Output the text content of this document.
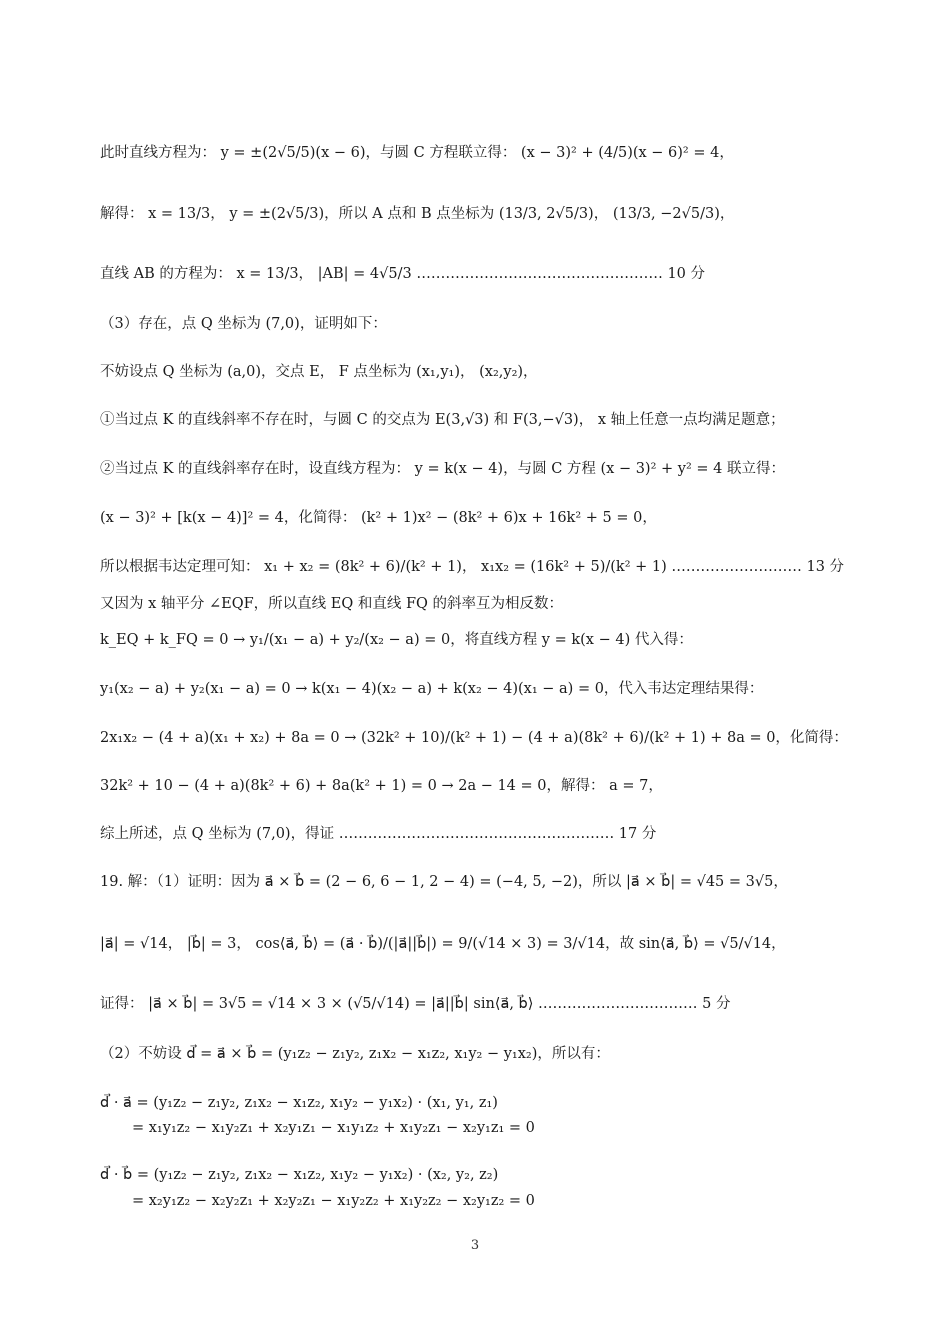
此时直线方程为： y = ±(2√5/5)(x − 6)，与圆 C 方程联立得： (x − 3)² + (4/5)(x − 6)² = 4，
解得： x = 13/3， y = ±(2√5/3)，所以 A 点和 B 点坐标为 (13/3, 2√5/3)， (13/3, −2√5/3)，
直线 AB 的方程为： x = 13/3， |AB| = 4√5/3 …………………………………………… 10 分
（3）存在，点 Q 坐标为 (7,0)，证明如下：
不妨设点 Q 坐标为 (a,0)，交点 E， F 点坐标为 (x₁,y₁)， (x₂,y₂)，
①当过点 K 的直线斜率不存在时，与圆 C 的交点为 E(3,√3) 和 F(3,−√3)， x 轴上任意一点均满足题意；
②当过点 K 的直线斜率存在时，设直线方程为： y = k(x − 4)，与圆 C 方程 (x − 3)² + y² = 4 联立得：
(x − 3)² + [k(x − 4)]² = 4，化简得： (k² + 1)x² − (8k² + 6)x + 16k² + 5 = 0，
所以根据韦达定理可知： x₁ + x₂ = (8k² + 6)/(k² + 1)， x₁x₂ = (16k² + 5)/(k² + 1) ……………………… 13 分
又因为 x 轴平分 ∠EQF，所以直线 EQ 和直线 FQ 的斜率互为相反数：
k_EQ + k_FQ = 0 → y₁/(x₁ − a) + y₂/(x₂ − a) = 0，将直线方程 y = k(x − 4) 代入得：
y₁(x₂ − a) + y₂(x₁ − a) = 0 → k(x₁ − 4)(x₂ − a) + k(x₂ − 4)(x₁ − a) = 0，代入韦达定理结果得：
2x₁x₂ − (4 + a)(x₁ + x₂) + 8a = 0 → (32k² + 10)/(k² + 1) − (4 + a)(8k² + 6)/(k² + 1) + 8a = 0，化简得：
32k² + 10 − (4 + a)(8k² + 6) + 8a(k² + 1) = 0 → 2a − 14 = 0，解得： a = 7，
综上所述，点 Q 坐标为 (7,0)，得证 ………………………………………………… 17 分
19. 解：（1）证明：因为 a⃗ × b⃗ = (2 − 6, 6 − 1, 2 − 4) = (−4, 5, −2)，所以 |a⃗ × b⃗| = √45 = 3√5，
|a⃗| = √14， |b⃗| = 3， cos⟨a⃗, b⃗⟩ = (a⃗ · b⃗)/(|a⃗||b⃗|) = 9/(√14 × 3) = 3/√14，故 sin⟨a⃗, b⃗⟩ = √5/√14，
证得： |a⃗ × b⃗| = 3√5 = √14 × 3 × (√5/√14) = |a⃗||b⃗| sin⟨a⃗, b⃗⟩ …………………………… 5 分
（2）不妨设 d⃗ = a⃗ × b⃗ = (y₁z₂ − z₁y₂, z₁x₂ − x₁z₂, x₁y₂ − y₁x₂)，所以有：
d⃗ · a⃗ = (y₁z₂ − z₁y₂, z₁x₂ − x₁z₂, x₁y₂ − y₁x₂) · (x₁, y₁, z₁)
= x₁y₁z₂ − x₁y₂z₁ + x₂y₁z₁ − x₁y₁z₂ + x₁y₂z₁ − x₂y₁z₁ = 0
d⃗ · b⃗ = (y₁z₂ − z₁y₂, z₁x₂ − x₁z₂, x₁y₂ − y₁x₂) · (x₂, y₂, z₂)
= x₂y₁z₂ − x₂y₂z₁ + x₂y₂z₁ − x₁y₂z₂ + x₁y₂z₂ − x₂y₁z₂ = 0
3
